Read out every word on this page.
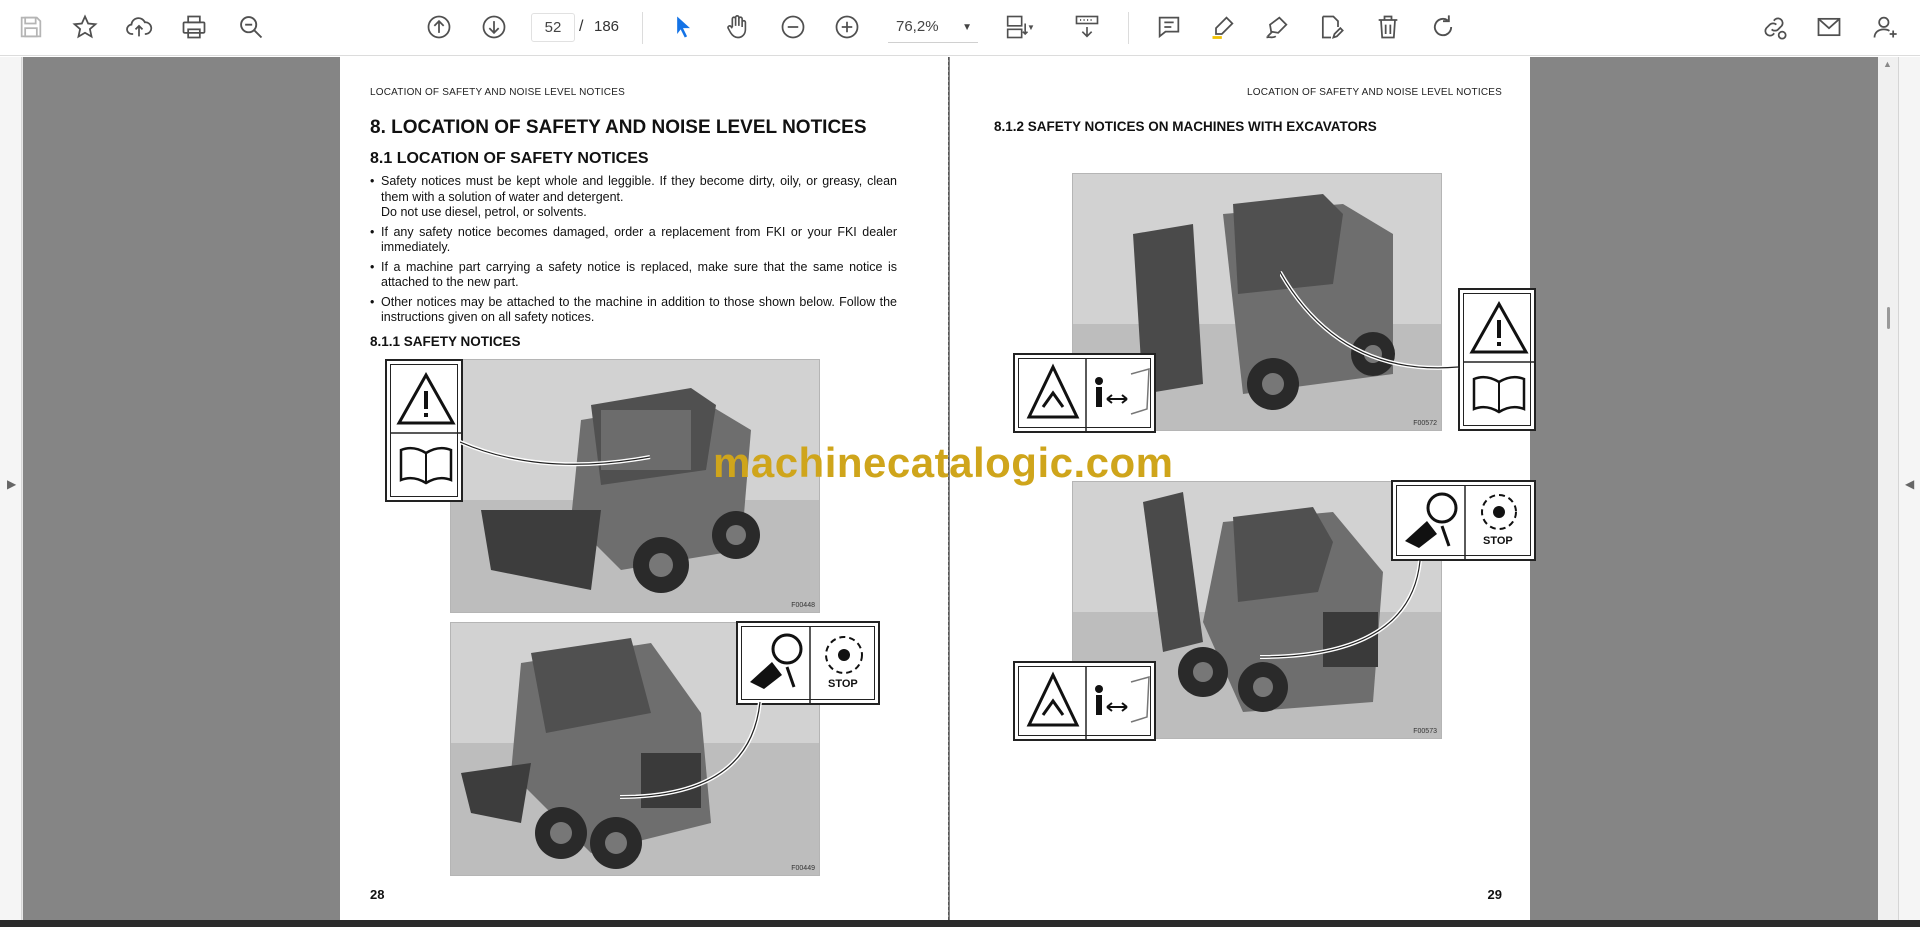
52	/ 186	76,2% ▼	▼
▶
LOCATION OF SAFETY AND NOISE LEVEL NOTICES
8. LOCATION OF SAFETY AND NOISE LEVEL NOTICES
8.1 LOCATION OF SAFETY NOTICES
• Safety notices must be kept whole and leggible. If they become dirty, oily, or greasy, clean them with a solution of water and detergent.
Do not use diesel, petrol, or solvents.
• If any safety notice becomes damaged, order a replacement from FKI or your FKI dealer immediately.
• If a machine part carrying a safety notice is replaced, make sure that the same notice is attached to the new part.
• Other notices may be attached to the machine in addition to those shown below. Follow the instructions given on all safety notices.
8.1.1 SAFETY NOTICES
F00448
F00449
STOP
28
LOCATION OF SAFETY AND NOISE LEVEL NOTICES
8.1.2 SAFETY NOTICES ON MACHINES WITH EXCAVATORS
F00572
F00573
STOP
29
machinecatalogic.com
▲
◀
